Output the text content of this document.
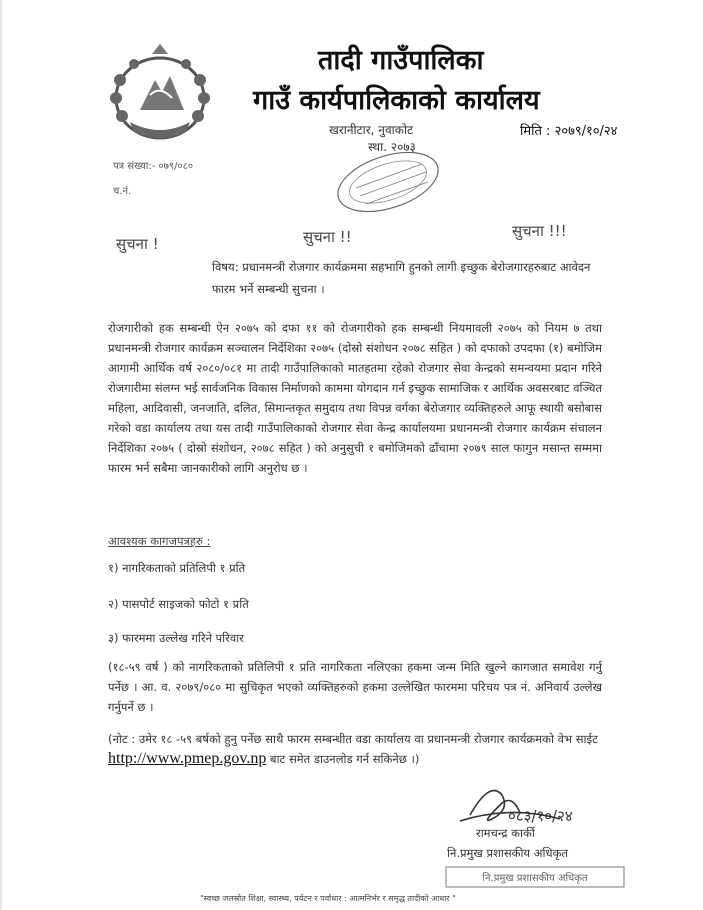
तादी गाउँपालिका
गाउँ कार्यपालिकाको कार्यालय
खरानीटार, नुवाकोट
स्था. २०७३
मिति : २०७९/१०/२४
पत्र संख्या:- ०७९/०८०
च.नं.
सुचना !	सुचना !!	सुचना !!!
विषय: प्रधानमन्त्री रोजगार कार्यक्रममा सहभागि हुनको लागी इच्छुक बेरोजगारहरुबाट आवेदन फारम भर्ने सम्बन्धी सुचना ।
रोजगारीको हक सम्बन्धी ऐन २०७५ को दफा ११ को रोजगारीको हक सम्बन्धी नियमावली २०७५ को नियम ७ तथा प्रधानमन्त्री रोजगार कार्यक्रम सञ्चालन निर्देशिका २०७५ (दोस्रो संशोधन २०७८ सहित ) को दफाको उपदफा (१) बमोजिम आगामी आर्थिक वर्ष २०८०/०८१ मा तादी गाउँपालिकाको मातहतमा रहेको रोजगार सेवा केन्द्रको समन्वयमा प्रदान गरिने रोजगारीमा संलग्न भई सार्वजनिक विकास निर्माणको काममा योगदान गर्न इच्छुक सामाजिक र आर्थिक अवसरबाट वञ्चित महिला, आदिवासी, जनजाति, दलित, सिमान्तकृत समुदाय तथा विपन्न वर्गका बेरोजगार व्यक्तिहरुले आफू स्थायी बसोबास गरेको वडा कार्यालय तथा यस तादी गाउँपालिकाको रोजगार सेवा केन्द्र कार्यालयमा प्रधानमन्त्री रोजगार कार्यक्रम संचालन निर्देशिका २०७५ ( दोस्रो संशोधन, २०७८ सहित ) को अनुसुची १ बमोजिमको ढाँचामा २०७९ साल फागुन मसान्त सम्ममा फारम भर्न सबैमा जानकारीको लागि अनुरोध छ ।
आवश्यक कागजपत्रहरु :
१) नागरिकताको प्रतिलिपी १ प्रति
२) पासपोर्ट साइजको फोटो १ प्रति
३) फारममा उल्लेख गरिने परिवार
(१८-५९ वर्ष ) को नागरिकताको प्रतिलिपी १ प्रति नागरिकता नलिएका हकमा जन्म मिति खुल्ने कागजात समावेश गर्नु पर्नेछ । आ. व. २०७९/०८० मा सुचिकृत भएको व्यक्तिहरुको हकमा उल्लेखित फारममा परिचय पत्र नं. अनिवार्य उल्लेख गर्नुपर्ने छ ।
(नोट : उमेर १८ -५९ बर्षको हुनु पर्नेछ साथै फारम सम्बन्धीत वडा कार्यालय वा प्रधानमन्त्री रोजगार कार्यक्रमको वेभ साईट http://www.pmep.gov.np बाट समेत डाउनलोड गर्न सकिनेछ ।)
०८३/१०/२४
रामचन्द्र कार्की
नि.प्रमुख प्रशासकीय अधिकृत
नि.प्रमुख प्रशासकीय अधिकृत
"स्वच्छ जलस्रोत शिक्षा, स्वास्थ्य, पर्यटन र पर्वाधार : आत्मनिर्भर र समृद्ध तादीको आधार "
